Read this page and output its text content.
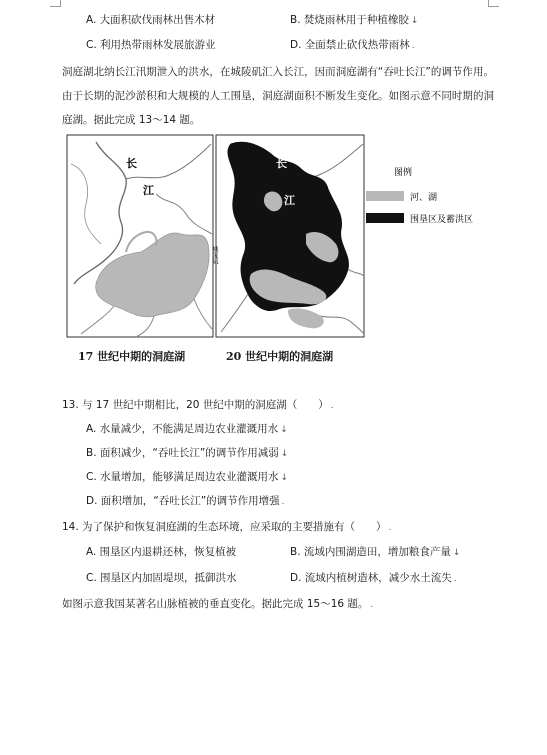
A. 大面积砍伐雨林出售木材	B. 焚烧雨林用于种植橡胶 ↓
C. 利用热带雨林发展旅游业	D. 全面禁止砍伐热带雨林 .
洞庭湖北纳长江汛期泄入的洪水，在城陵矶汇入长江，因而洞庭湖有“吞吐长江”的调节作用。由于长期的泥沙淤积和大规模的人工围垦，洞庭湖面积不断发生变化。如图示意不同时期的洞庭湖。据此完成 13～14 题。
长
江
长
江
图例
河、湖
围垦区及蓄洪区
17 世纪中期的洞庭湖	20 世纪中期的洞庭湖
城陵矶
13. 与 17 世纪中期相比，20 世纪中期的洞庭湖（　　） .
A. 水量减少，不能满足周边农业灌溉用水 ↓
B. 面积减少，“吞吐长江”的调节作用减弱 ↓
C. 水量增加，能够满足周边农业灌溉用水 ↓
D. 面积增加，“吞吐长江”的调节作用增强 .
14. 为了保护和恢复洞庭湖的生态环境，应采取的主要措施有（　　） .
A. 围垦区内退耕还林，恢复植被	B. 流域内围湖造田，增加粮食产量 ↓
C. 围垦区内加固堤坝，抵御洪水	D. 流域内植树造林，减少水土流失 .
如图示意我国某著名山脉植被的垂直变化。据此完成 15～16 题。 .
